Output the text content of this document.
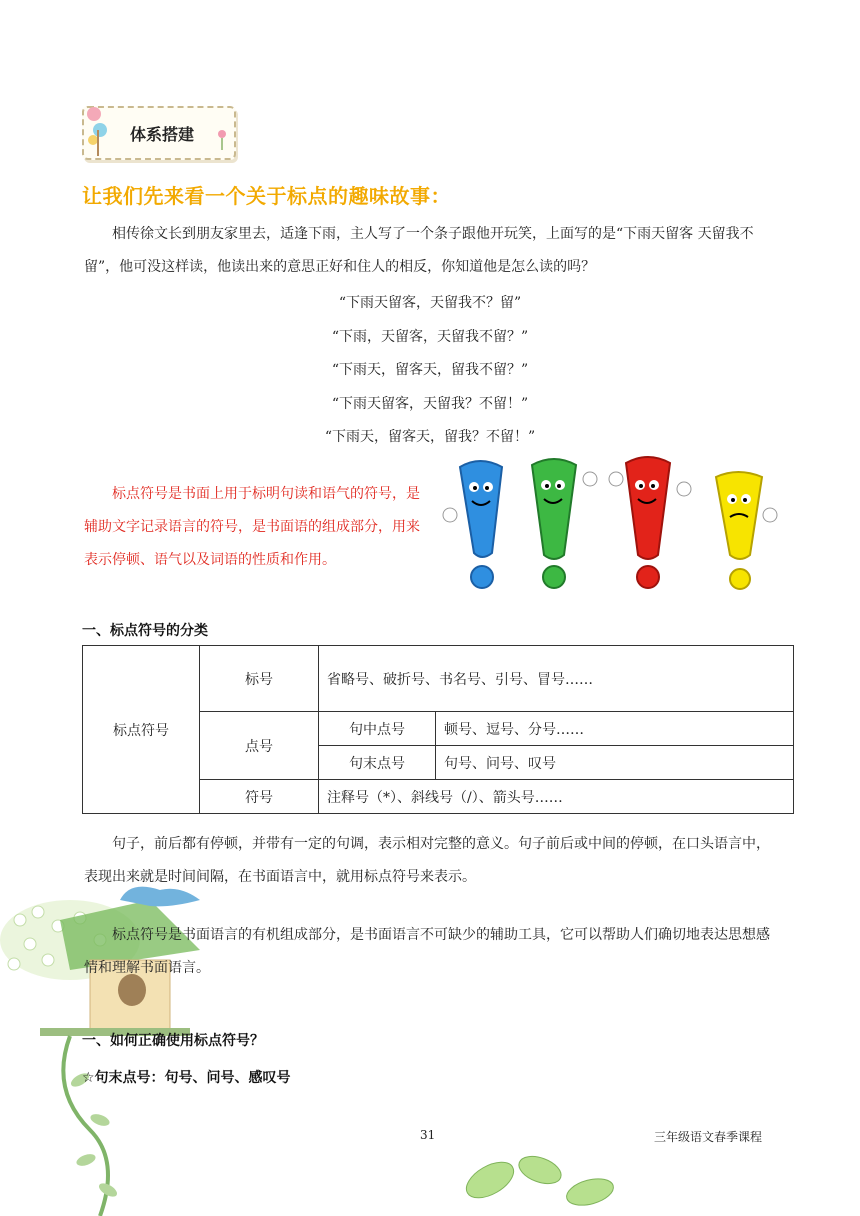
体系搭建
让我们先来看一个关于标点的趣味故事：

相传徐文长到朋友家里去，适逢下雨，主人写了一个条子跟他开玩笑，上面写的是“下雨天留客 天留我不留”，他可没这样读，他读出来的意思正好和住人的相反，你知道他是怎么读的吗？

“下雨天留客，天留我不？留”
“下雨，天留客，天留我不留？”
“下雨天，留客天，留我不留？”
“下雨天留客，天留我？不留！”
“下雨天，留客天，留我？不留！”

标点符号是书面上用于标明句读和语气的符号，是辅助文字记录语言的符号，是书面语的组成部分，用来表示停顿、语气以及词语的性质和作用。

一、标点符号的分类
标点符号	标号	省略号、破折号、书名号、引号、冒号……	
	点号	句中点号	顿号、逗号、分号……
		句末点号	句号、问号、叹号
	符号	注释号（*）、斜线号（/）、箭头号……	

句子，前后都有停顿，并带有一定的句调，表示相对完整的意义。句子前后或中间的停顿，在口头语言中，表现出来就是时间间隔，在书面语言中，就用标点符号来表示。

标点符号是书面语言的有机组成部分，是书面语言不可缺少的辅助工具，它可以帮助人们确切地表达思想感情和理解书面语言。

一、如何正确使用标点符号？
☆句末点号：句号、问号、感叹号
31	三年级语文春季课程
